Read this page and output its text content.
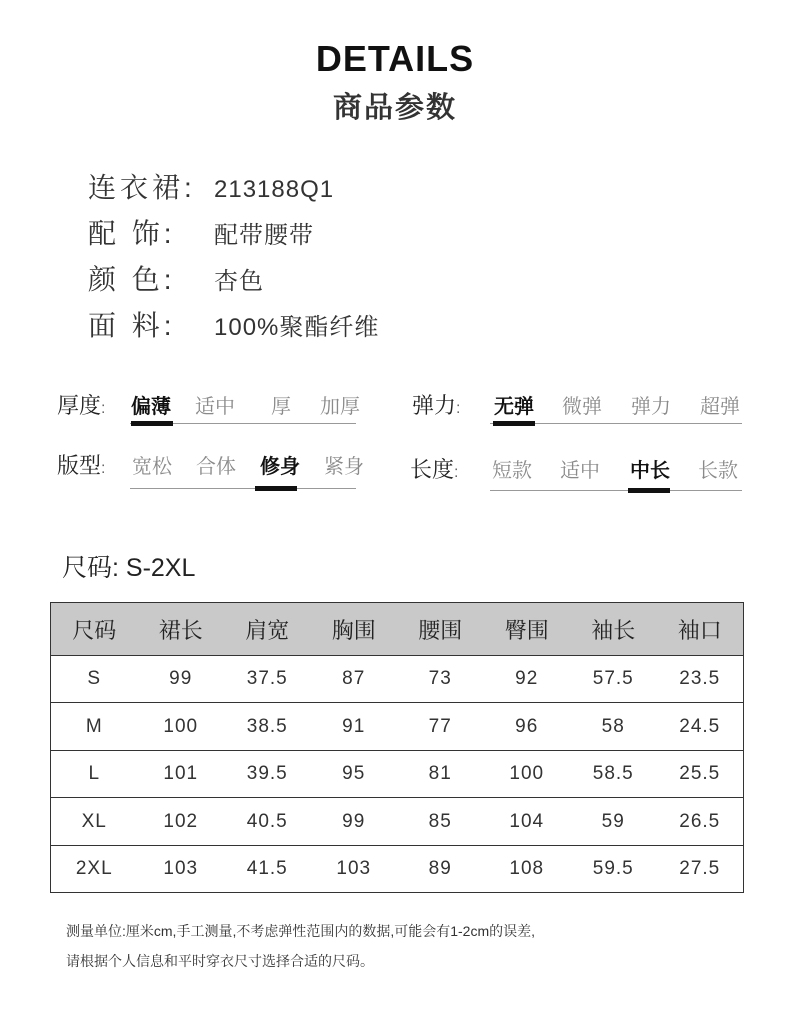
DETAILS
商品参数
连衣裙: 213188Q1
配 饰: 配带腰带
颜 色: 杏色
面 料: 100%聚酯纤维
厚度: 偏薄 适中	厚	加厚 弹力:	无弹	微弹	弹力	超弹
版型:	宽松	合体	修身	紧身 长度:	短款	适中	中长	长款
尺码: S-2XL
尺码	裙长	肩宽	胸围	腰围	臀围	袖长	袖口
S	99	37.5	87	73	92	57.5	23.5
M	100	38.5	91	77	96	58	24.5
L	101	39.5	95	81	100	58.5	25.5
XL	102	40.5	99	85	104	59	26.5
2XL	103	41.5	103	89	108	59.5	27.5
测量单位:厘米cm,手工测量,不考虑弹性范围内的数据,可能会有1-2cm的误差,
请根据个人信息和平时穿衣尺寸选择合适的尺码。
